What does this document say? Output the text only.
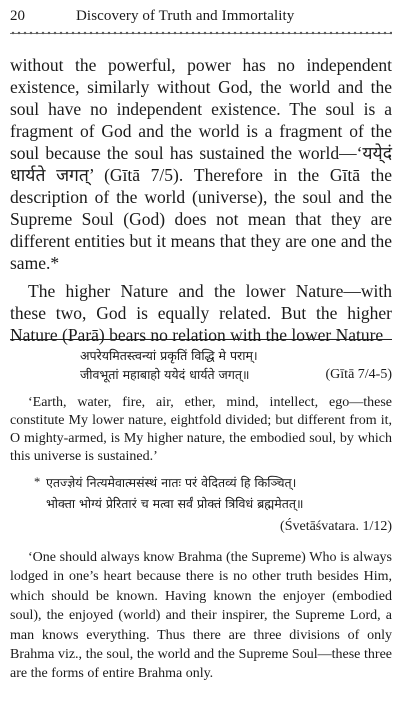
20	Discovery of Truth and Immortality

without the powerful, power has no independent existence, similarly without God, the world and the soul have no independent existence. The soul is a fragment of God and the world is a fragment of the soul because the soul has sustained the world—‘यये्दं धार्यते जगत्’ (Gītā 7/5). Therefore in the Gītā the description of the world (universe), the soul and the Supreme Soul (God) does not mean that they are different entities but it means that they are one and the same.*

The higher Nature and the lower Nature—with these two, God is equally related. But the higher Nature (Parā) bears no relation with the lower Nature

अपरेयमितस्त्वन्यां प्रकृतिं विद्धि मे पराम्।
जीवभूतां महाबाहो ययेदं धार्यते जगत्॥	(Gītā 7/4-5)
‘Earth, water, fire, air, ether, mind, intellect, ego—these constitute My lower nature, eightfold divided; but different from it, O mighty-armed, is My higher nature, the embodied soul, by which this universe is sustained.’
* एतज्ज्ञेयं नित्यमेवात्मसंस्थं नातः परं वेदितव्यं हि किञ्चित्।
भोक्ता भोग्यं प्रेरितारं च मत्वा सर्वं प्रोक्तं त्रिविधं ब्रह्ममेतत्॥
(Śvetāśvatara. 1/12)
‘One should always know Brahma (the Supreme) Who is always lodged in one’s heart because there is no other truth besides Him, which should be known. Having known the enjoyer (embodied soul), the enjoyed (world) and their inspirer, the Supreme Lord, a man knows everything. Thus there are three divisions of only Brahma viz., the soul, the world and the Supreme Soul—these three are the forms of entire Brahma only.
